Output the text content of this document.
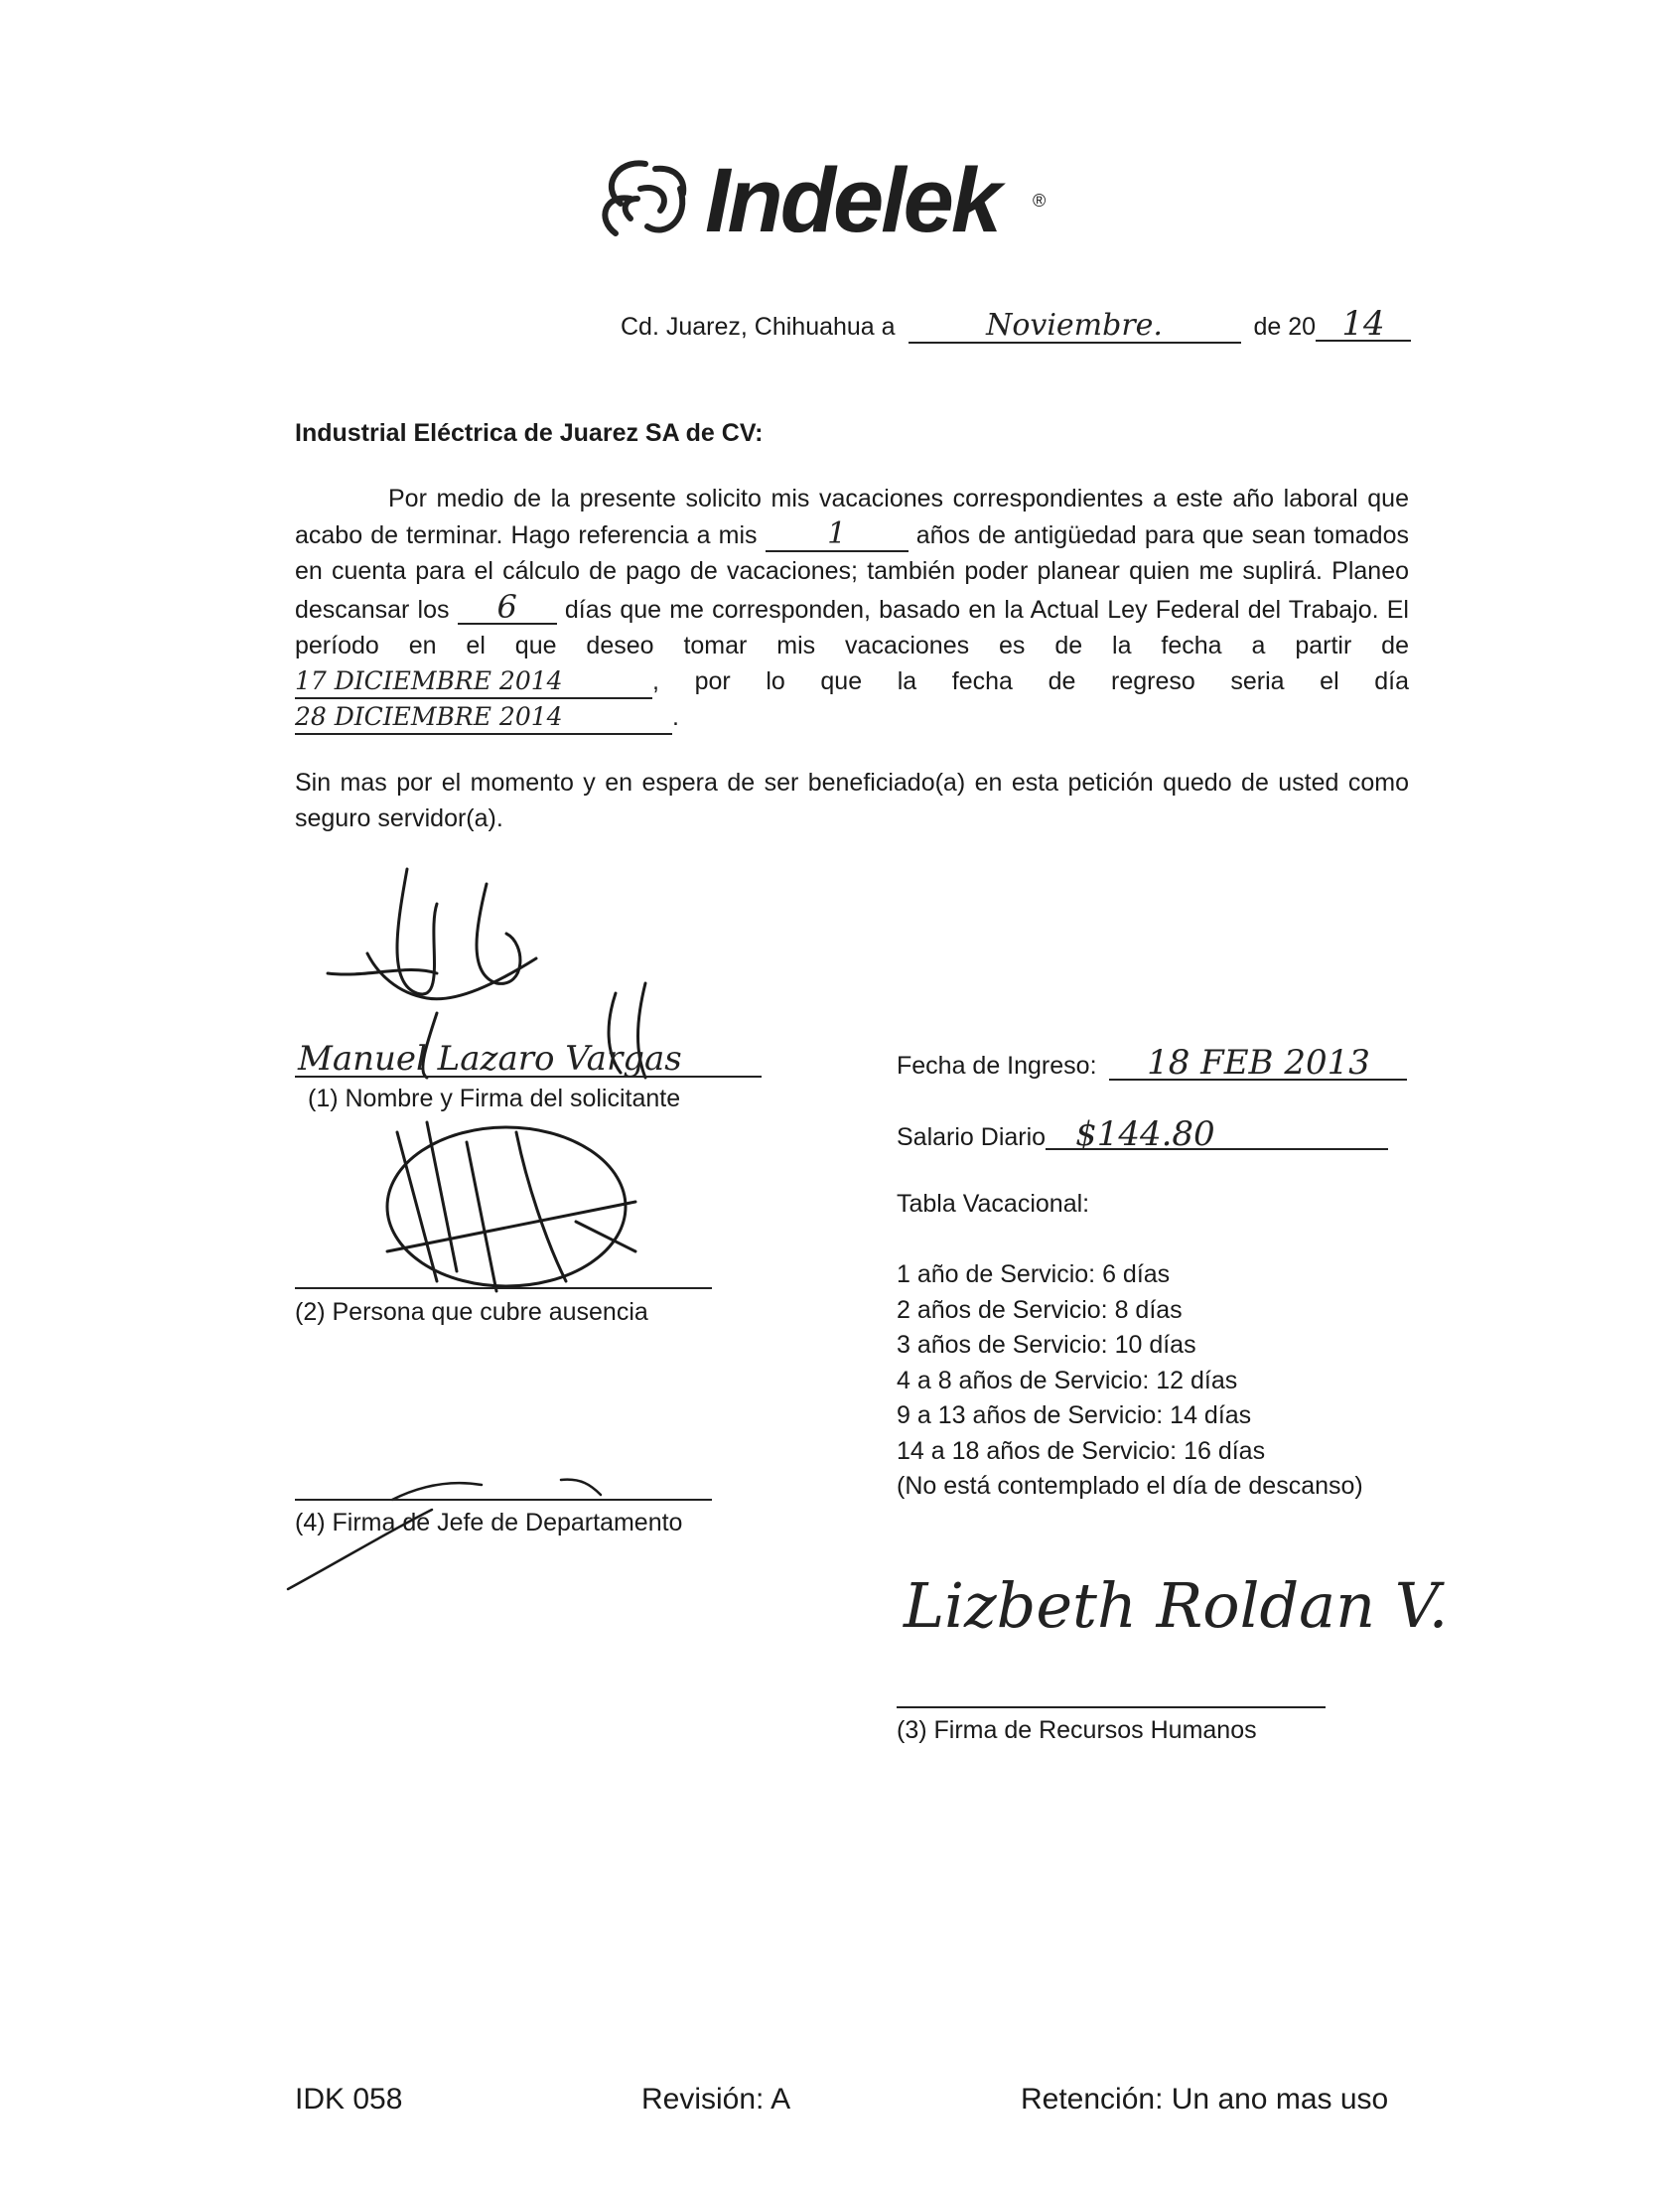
Indelek ®
Cd. Juarez, Chihuahua a	Noviembre.	de 20 14
Industrial Eléctrica de Juarez SA de CV:
Por medio de la presente solicito mis vacaciones correspondientes a este año laboral que acabo de terminar. Hago referencia a mis 1	años de antigüedad para que sean tomados en cuenta para el cálculo de pago de vacaciones; también poder planear quien me suplirá. Planeo descansar los 6 días que me corresponden, basado en la Actual Ley Federal del Trabajo. El período en el que deseo tomar mis vacaciones es de la fecha a partir de 17 DICIEMBRE 2014	, por lo que la fecha de regreso seria el día 28 DICIEMBRE 2014	.
Sin mas por el momento y en espera de ser beneficiado(a) en esta petición quedo de usted como seguro servidor(a).
Manuel Lazaro Vargas
(1) Nombre y Firma del solicitante
(2) Persona que cubre ausencia
(4) Firma de Jefe de Departamento
Fecha de Ingreso: 18 FEB 2013
Salario Diario $144.80
Tabla Vacacional:
1 año de Servicio: 6 días
2 años de Servicio: 8 días
3 años de Servicio: 10 días
4 a 8 años de Servicio: 12 días
9 a 13 años de Servicio: 14 días
14 a 18 años de Servicio: 16 días
(No está contemplado el día de descanso)
Lizbeth Roldan V.
(3) Firma de Recursos Humanos
IDK 058	Revisión: A	Retención: Un ano mas uso
